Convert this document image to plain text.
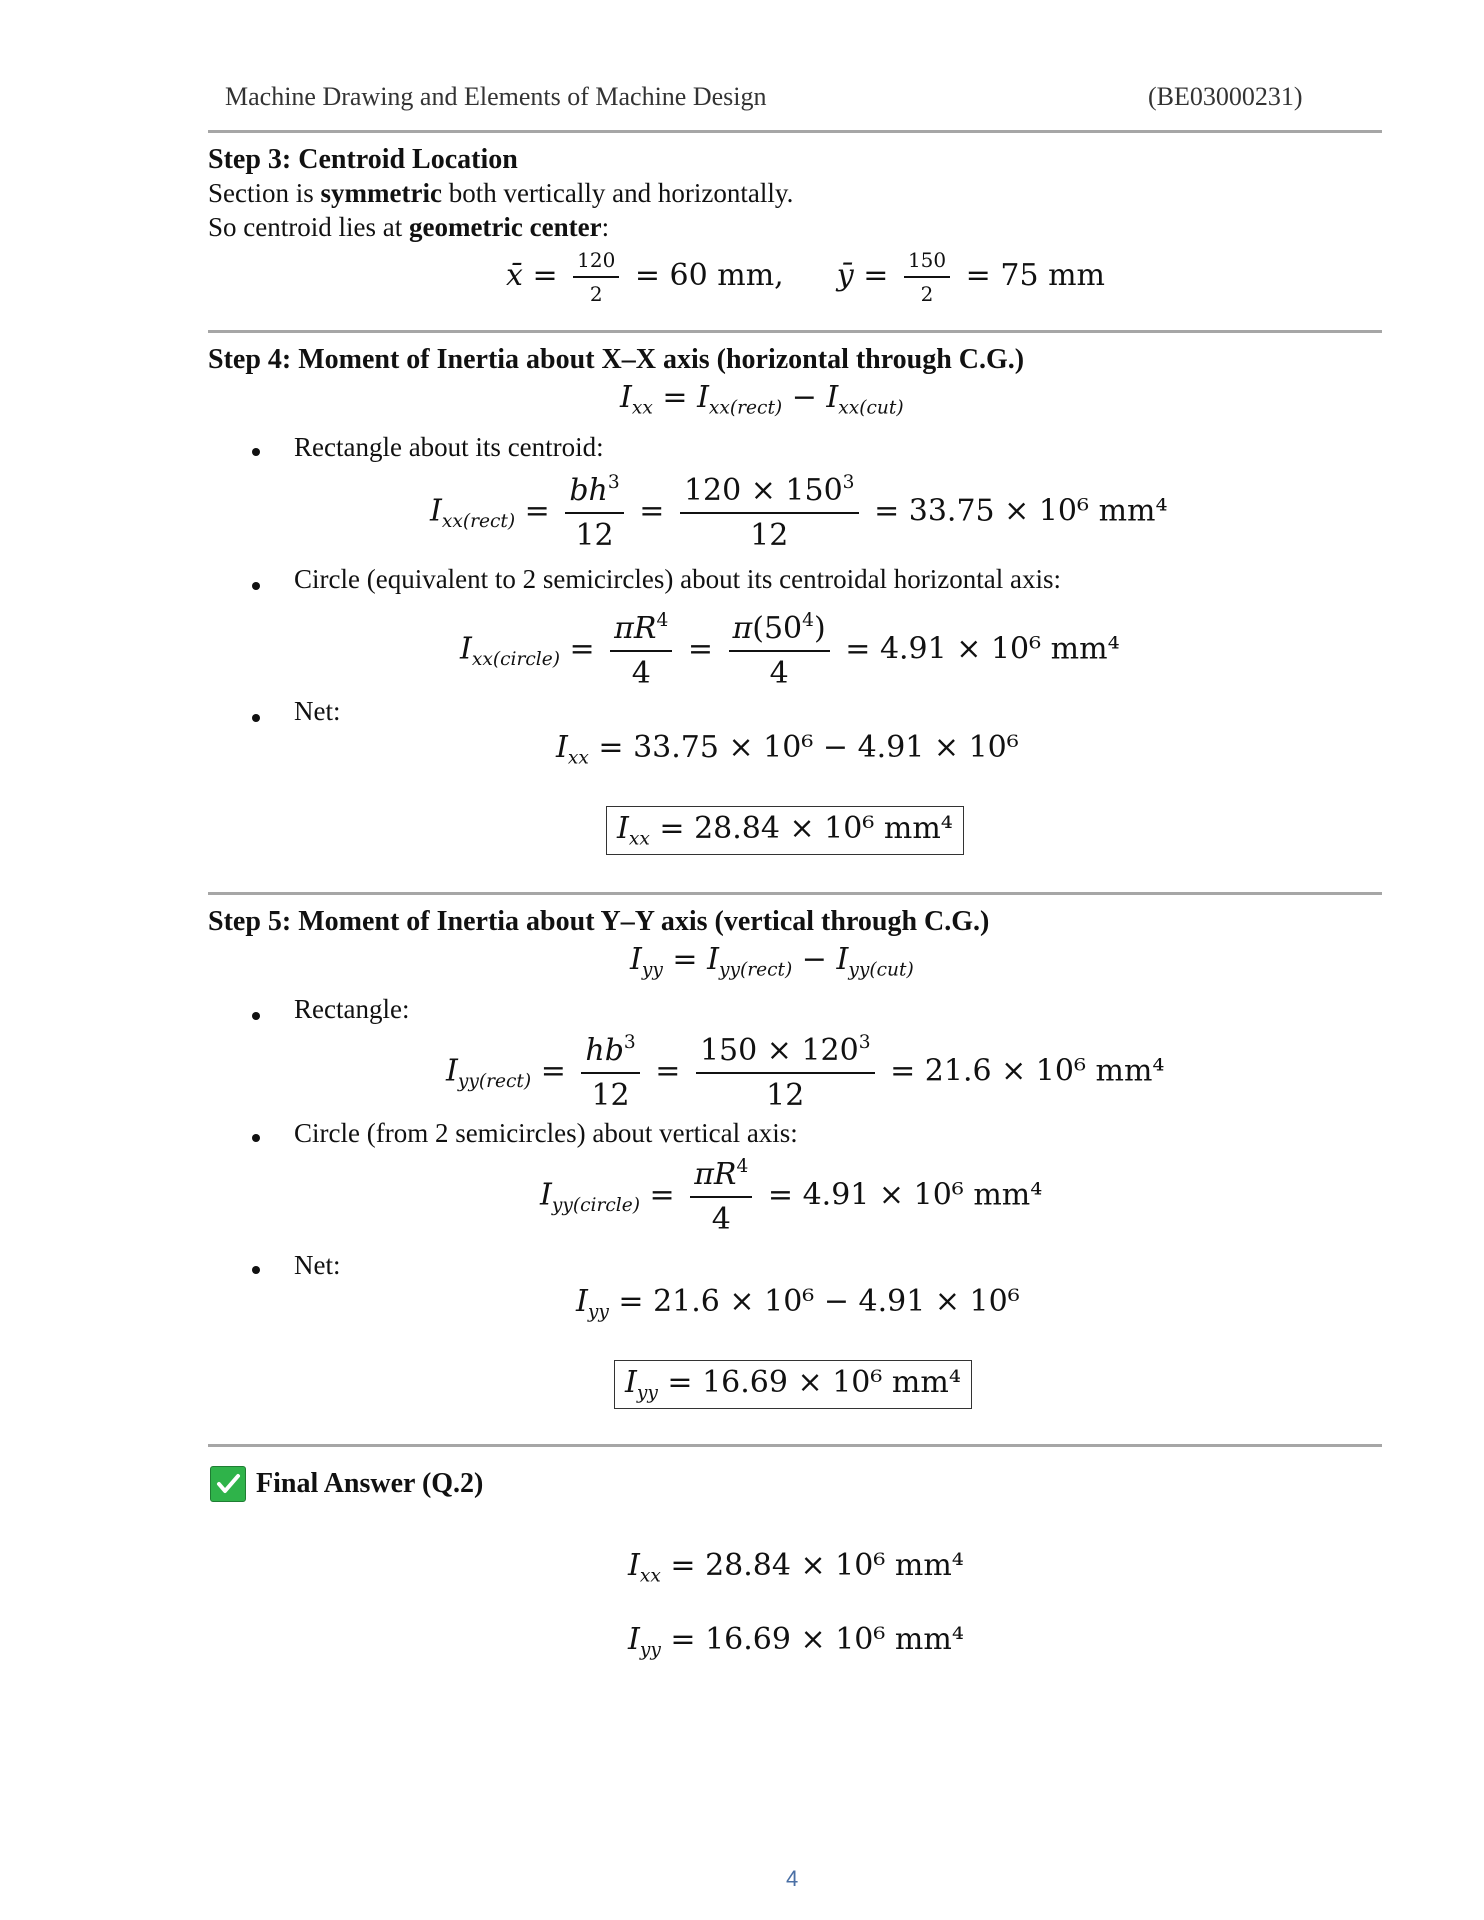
Machine Drawing and Elements of Machine Design	(BE03000231)
Step 3: Centroid Location
Section is symmetric both vertically and horizontally.
So centroid lies at geometric center:
x̄ = $\frac{120}{2} = 60$ mm, ȳ = $\frac{150}{2} = 75$ mm
Step 4: Moment of Inertia about X–X axis (horizontal through C.G.)
$I_{xx} = I_{xx(rect)} - I_{xx(cut)}$
Rectangle about its centroid:
$I_{xx(rect)} = \frac{bh^3}{12} = \frac{120 \times 150^3}{12} = 33.75 \times 10^6$ mm⁴
Circle (equivalent to 2 semicircles) about its centroidal horizontal axis:
$I_{xx(circle)} = \frac{\pi R^4}{4} = \frac{\pi(50^4)}{4} = 4.91 \times 10^6$ mm⁴
Net:
$I_{xx} = 33.75 \times 10^6 - 4.91 \times 10^6$
$I_{xx} = 28.84 \times 10^6$ mm⁴
Step 5: Moment of Inertia about Y–Y axis (vertical through C.G.)
$I_{yy} = I_{yy(rect)} - I_{yy(cut)}$
Rectangle:
$I_{yy(rect)} = \frac{hb^3}{12} = \frac{150 \times 120^3}{12} = 21.6 \times 10^6$ mm⁴
Circle (from 2 semicircles) about vertical axis:
$I_{yy(circle)} = \frac{\pi R^4}{4} = 4.91 \times 10^6$ mm⁴
Net:
$I_{yy} = 21.6 \times 10^6 - 4.91 \times 10^6$
$I_{yy} = 16.69 \times 10^6$ mm⁴
Final Answer (Q.2)
$I_{xx} = 28.84 \times 10^6$ mm⁴
$I_{yy} = 16.69 \times 10^6$ mm⁴
4
